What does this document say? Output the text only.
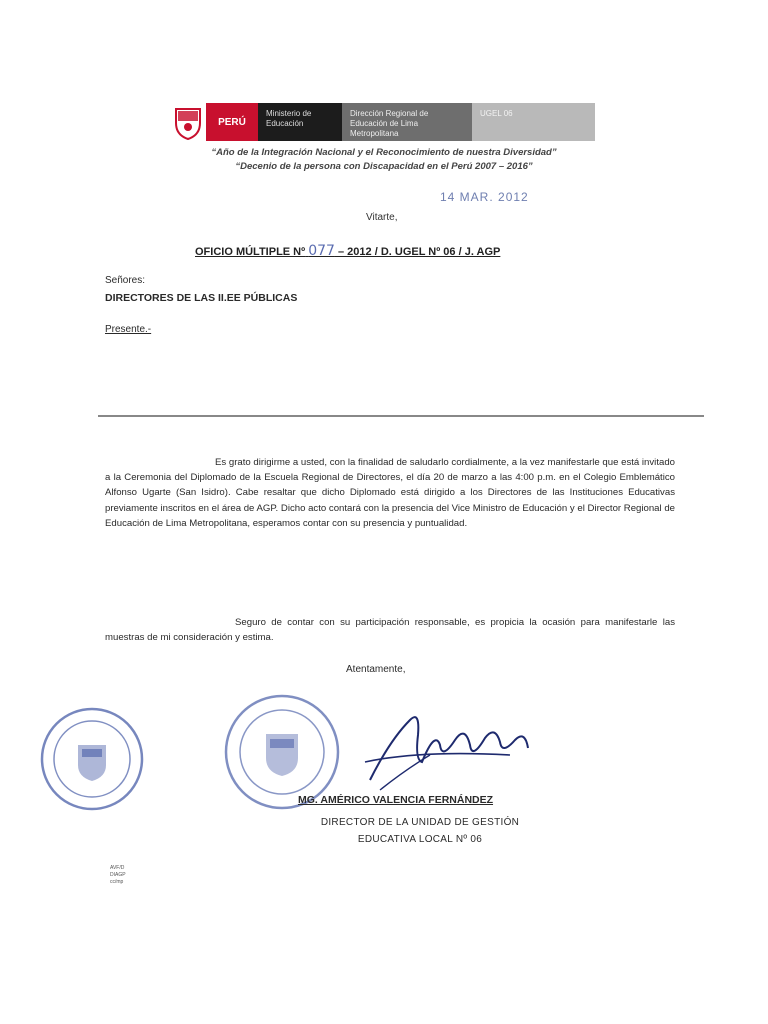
PERÚ
Ministerio de Educación
Dirección Regional de Educación de Lima Metropolitana
UGEL 06
“Año de la Integración Nacional y el Reconocimiento de nuestra Diversidad”
“Decenio de la persona con Discapacidad en el Perú 2007 – 2016”
14 MAR. 2012
Vitarte,
OFICIO MÚLTIPLE Nº 077 – 2012 / D. UGEL Nº 06 / J. AGP
Señores:
DIRECTORES DE LAS II.EE PÚBLICAS
Presente.-
Es grato dirigirme a usted, con la finalidad de saludarlo cordialmente, a la vez manifestarle que está invitado a la Ceremonia del Diplomado de la Escuela Regional de Directores, el día 20 de marzo a las 4:00 p.m. en el Colegio Emblemático Alfonso Ugarte (San Isidro). Cabe resaltar que dicho Diplomado está dirigido a los Directores de las Instituciones Educativas previamente inscritos en el área de AGP. Dicho acto contará con la presencia del Vice Ministro de Educación y el Director Regional de Educación de Lima Metropolitana, esperamos contar con su presencia y puntualidad.
Seguro de contar con su participación responsable, es propicia la ocasión para manifestarle las muestras de mi consideración y estima.
Atentamente,
MG. AMÉRICO VALENCIA FERNÁNDEZ
DIRECTOR DE LA UNIDAD DE GESTIÓN
EDUCATIVA LOCAL Nº 06
AVF/D
DIAGP
cc/mp
